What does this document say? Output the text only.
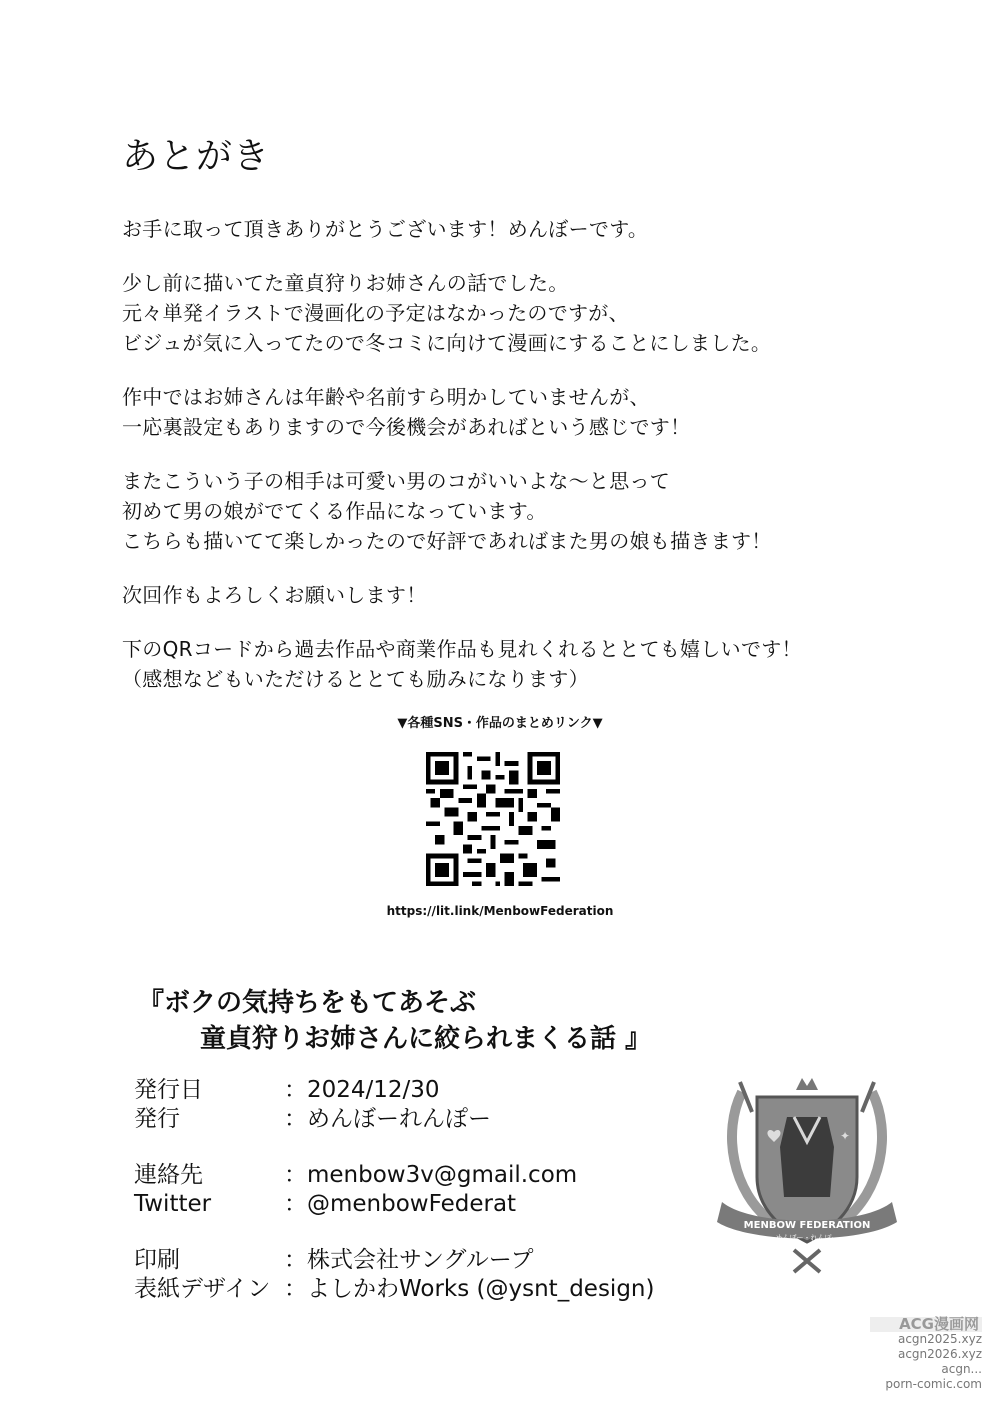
あとがき

お手に取って頂きありがとうございます！めんぼーです。

少し前に描いてた童貞狩りお姉さんの話でした。
元々単発イラストで漫画化の予定はなかったのですが、
ビジュが気に入ってたので冬コミに向けて漫画にすることにしました。

作中ではお姉さんは年齢や名前すら明かしていませんが、
一応裏設定もありますので今後機会があればという感じです！

またこういう子の相手は可愛い男のコがいいよな～と思って
初めて男の娘がでてくる作品になっています。
こちらも描いてて楽しかったので好評であればまた男の娘も描きます！

次回作もよろしくお願いします！

下のQRコードから過去作品や商業作品も見れくれるととても嬉しいです！
（感想などもいただけるととても励みになります）

▼各種SNS・作品のまとめリンク▼
https://lit.link/MenbowFederation
『ボクの気持ちをもてあそぶ
童貞狩りお姉さんに絞られまくる話 』
発行日	：2024/12/30
発行	：めんぼーれんぽー
連絡先	：menbow3v@gmail.com
Twitter	：@menbowFederat
印刷	：株式会社サングループ
表紙デザイン ：よしかわWorks (@ysnt_design)
✦
MENBOW FEDERATION
めんぼー・れんぽー
ACG漫画网
acgn2025.xyz
acgn2026.xyz
acgn...
porn-comic.com
